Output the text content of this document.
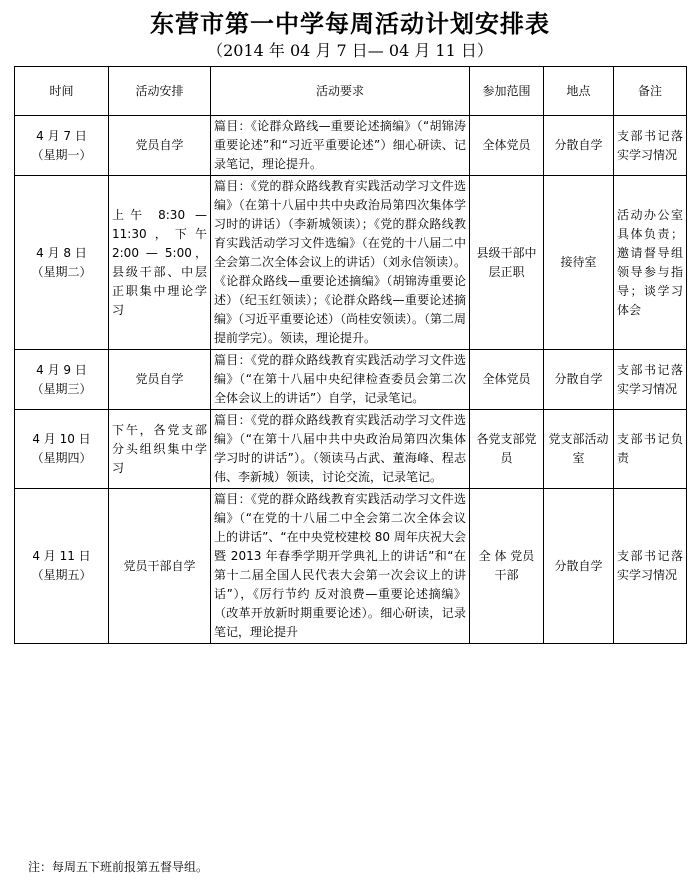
东营市第一中学每周活动计划安排表
（2014 年 04 月 7 日— 04 月 11 日）
时间	活动安排	活动要求	参加范围	地点	备注

4 月 7 日
（星期一）	党员自学	篇目：《论群众路线—重要论述摘编》（“胡锦涛重要论述”和“习近平重要论述”）细心研读、记录笔记，理论提升。	全体党员	分散自学	支部书记落实学习情况

4 月 8 日
（星期二）	上午 8:30 — 11:30，下午 2:00 — 5:00，县级干部、中层正职集中理论学习	篇目：《党的群众路线教育实践活动学习文件选编》（在第十八届中共中央政治局第四次集体学习时的讲话）（李新城领读）；《党的群众路线教育实践活动学习文件选编》（在党的十八届二中全会第二次全体会议上的讲话）（刘永信领读）。《论群众路线—重要论述摘编》（胡锦涛重要论述）（纪玉红领读）；《论群众路线—重要论述摘编》（习近平重要论述）（尚桂安领读）。（第二周提前学完）。领读，理论提升。	县级干部中层正职	接待室	活动办公室具体负责；邀请督导组领导参与指导；谈学习体会

4 月 9 日
（星期三）	党员自学	篇目：《党的群众路线教育实践活动学习文件选编》（“在第十八届中央纪律检查委员会第二次全体会议上的讲话”）自学，记录笔记。	全体党员	分散自学	支部书记落实学习情况

4 月 10 日
（星期四）	下午，各党支部分头组织集中学习	篇目：《党的群众路线教育实践活动学习文件选编》（“在第十八届中共中央政治局第四次集体学习时的讲话”）。（领读马占武、董海峰、程志伟、李新城）领读，讨论交流，记录笔记。	各党支部党员	党支部活动室	支部书记负责

4 月 11 日
（星期五）	党员干部自学	篇目：《党的群众路线教育实践活动学习文件选编》（“在党的十八届二中全会第二次全体会议上的讲话”、“在中央党校建校 80 周年庆祝大会暨 2013 年春季学期开学典礼上的讲话”和“在第十二届全国人民代表大会第一次会议上的讲话”），《厉行节约 反对浪费—重要论述摘编》（改革开放新时期重要论述）。细心研读，记录笔记，理论提升	全 体 党员干部	分散自学	支部书记落实学习情况
注：每周五下班前报第五督导组。
